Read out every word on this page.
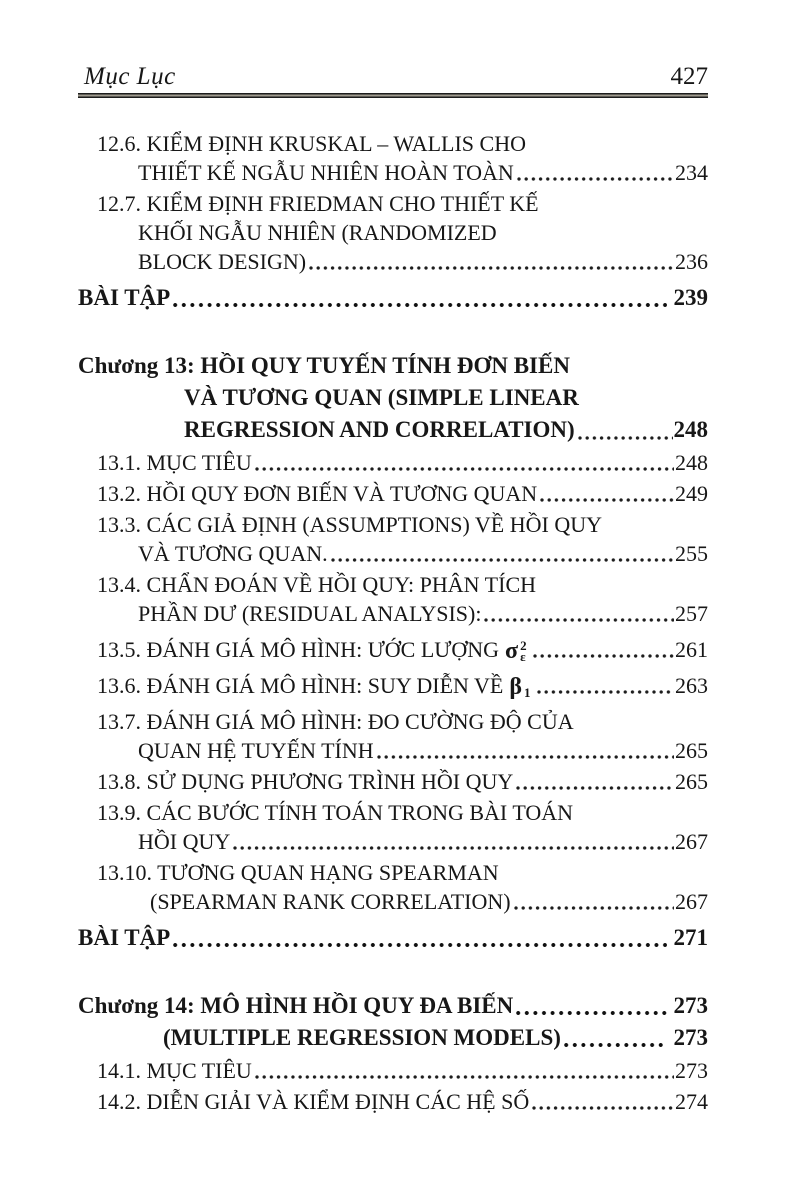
Mục Lục	427
12.6. KIỂM ĐỊNH KRUSKAL – WALLIS CHO
THIẾT KẾ NGẪU NHIÊN HOÀN TOÀN	234
12.7. KIỂM ĐỊNH FRIEDMAN CHO THIẾT KẾ
KHỐI NGẪU NHIÊN (RANDOMIZED
BLOCK DESIGN)	236
BÀI TẬP	239
Chương 13: HỒI QUY TUYẾN TÍNH ĐƠN BIẾN
VÀ TƯƠNG QUAN (SIMPLE LINEAR
REGRESSION AND CORRELATION)	248
13.1. MỤC TIÊU	248
13.2. HỒI QUY ĐƠN BIẾN VÀ TƯƠNG QUAN	249
13.3. CÁC GIẢ ĐỊNH (ASSUMPTIONS) VỀ HỒI QUY
VÀ TƯƠNG QUAN.	255
13.4. CHẨN ĐOÁN VỀ HỒI QUY: PHÂN TÍCH
PHẦN DƯ (RESIDUAL ANALYSIS):	257
13.5. ĐÁNH GIÁ MÔ HÌNH: ƯỚC LƯỢNG σ 2
ε	261
13.6. ĐÁNH GIÁ MÔ HÌNH: SUY DIỄN VỀ β 1	263
13.7. ĐÁNH GIÁ MÔ HÌNH: ĐO CƯỜNG ĐỘ CỦA
QUAN HỆ TUYẾN TÍNH	265
13.8. SỬ DỤNG PHƯƠNG TRÌNH HỒI QUY	265
13.9. CÁC BƯỚC TÍNH TOÁN TRONG BÀI TOÁN
HỒI QUY	267
13.10. TƯƠNG QUAN HẠNG SPEARMAN
(SPEARMAN RANK CORRELATION)	267
BÀI TẬP	271
Chương 14: MÔ HÌNH HỒI QUY ĐA BIẾN	273
(MULTIPLE REGRESSION MODELS)	273
14.1. MỤC TIÊU	273
14.2. DIỄN GIẢI VÀ KIỂM ĐỊNH CÁC HỆ SỐ	274
